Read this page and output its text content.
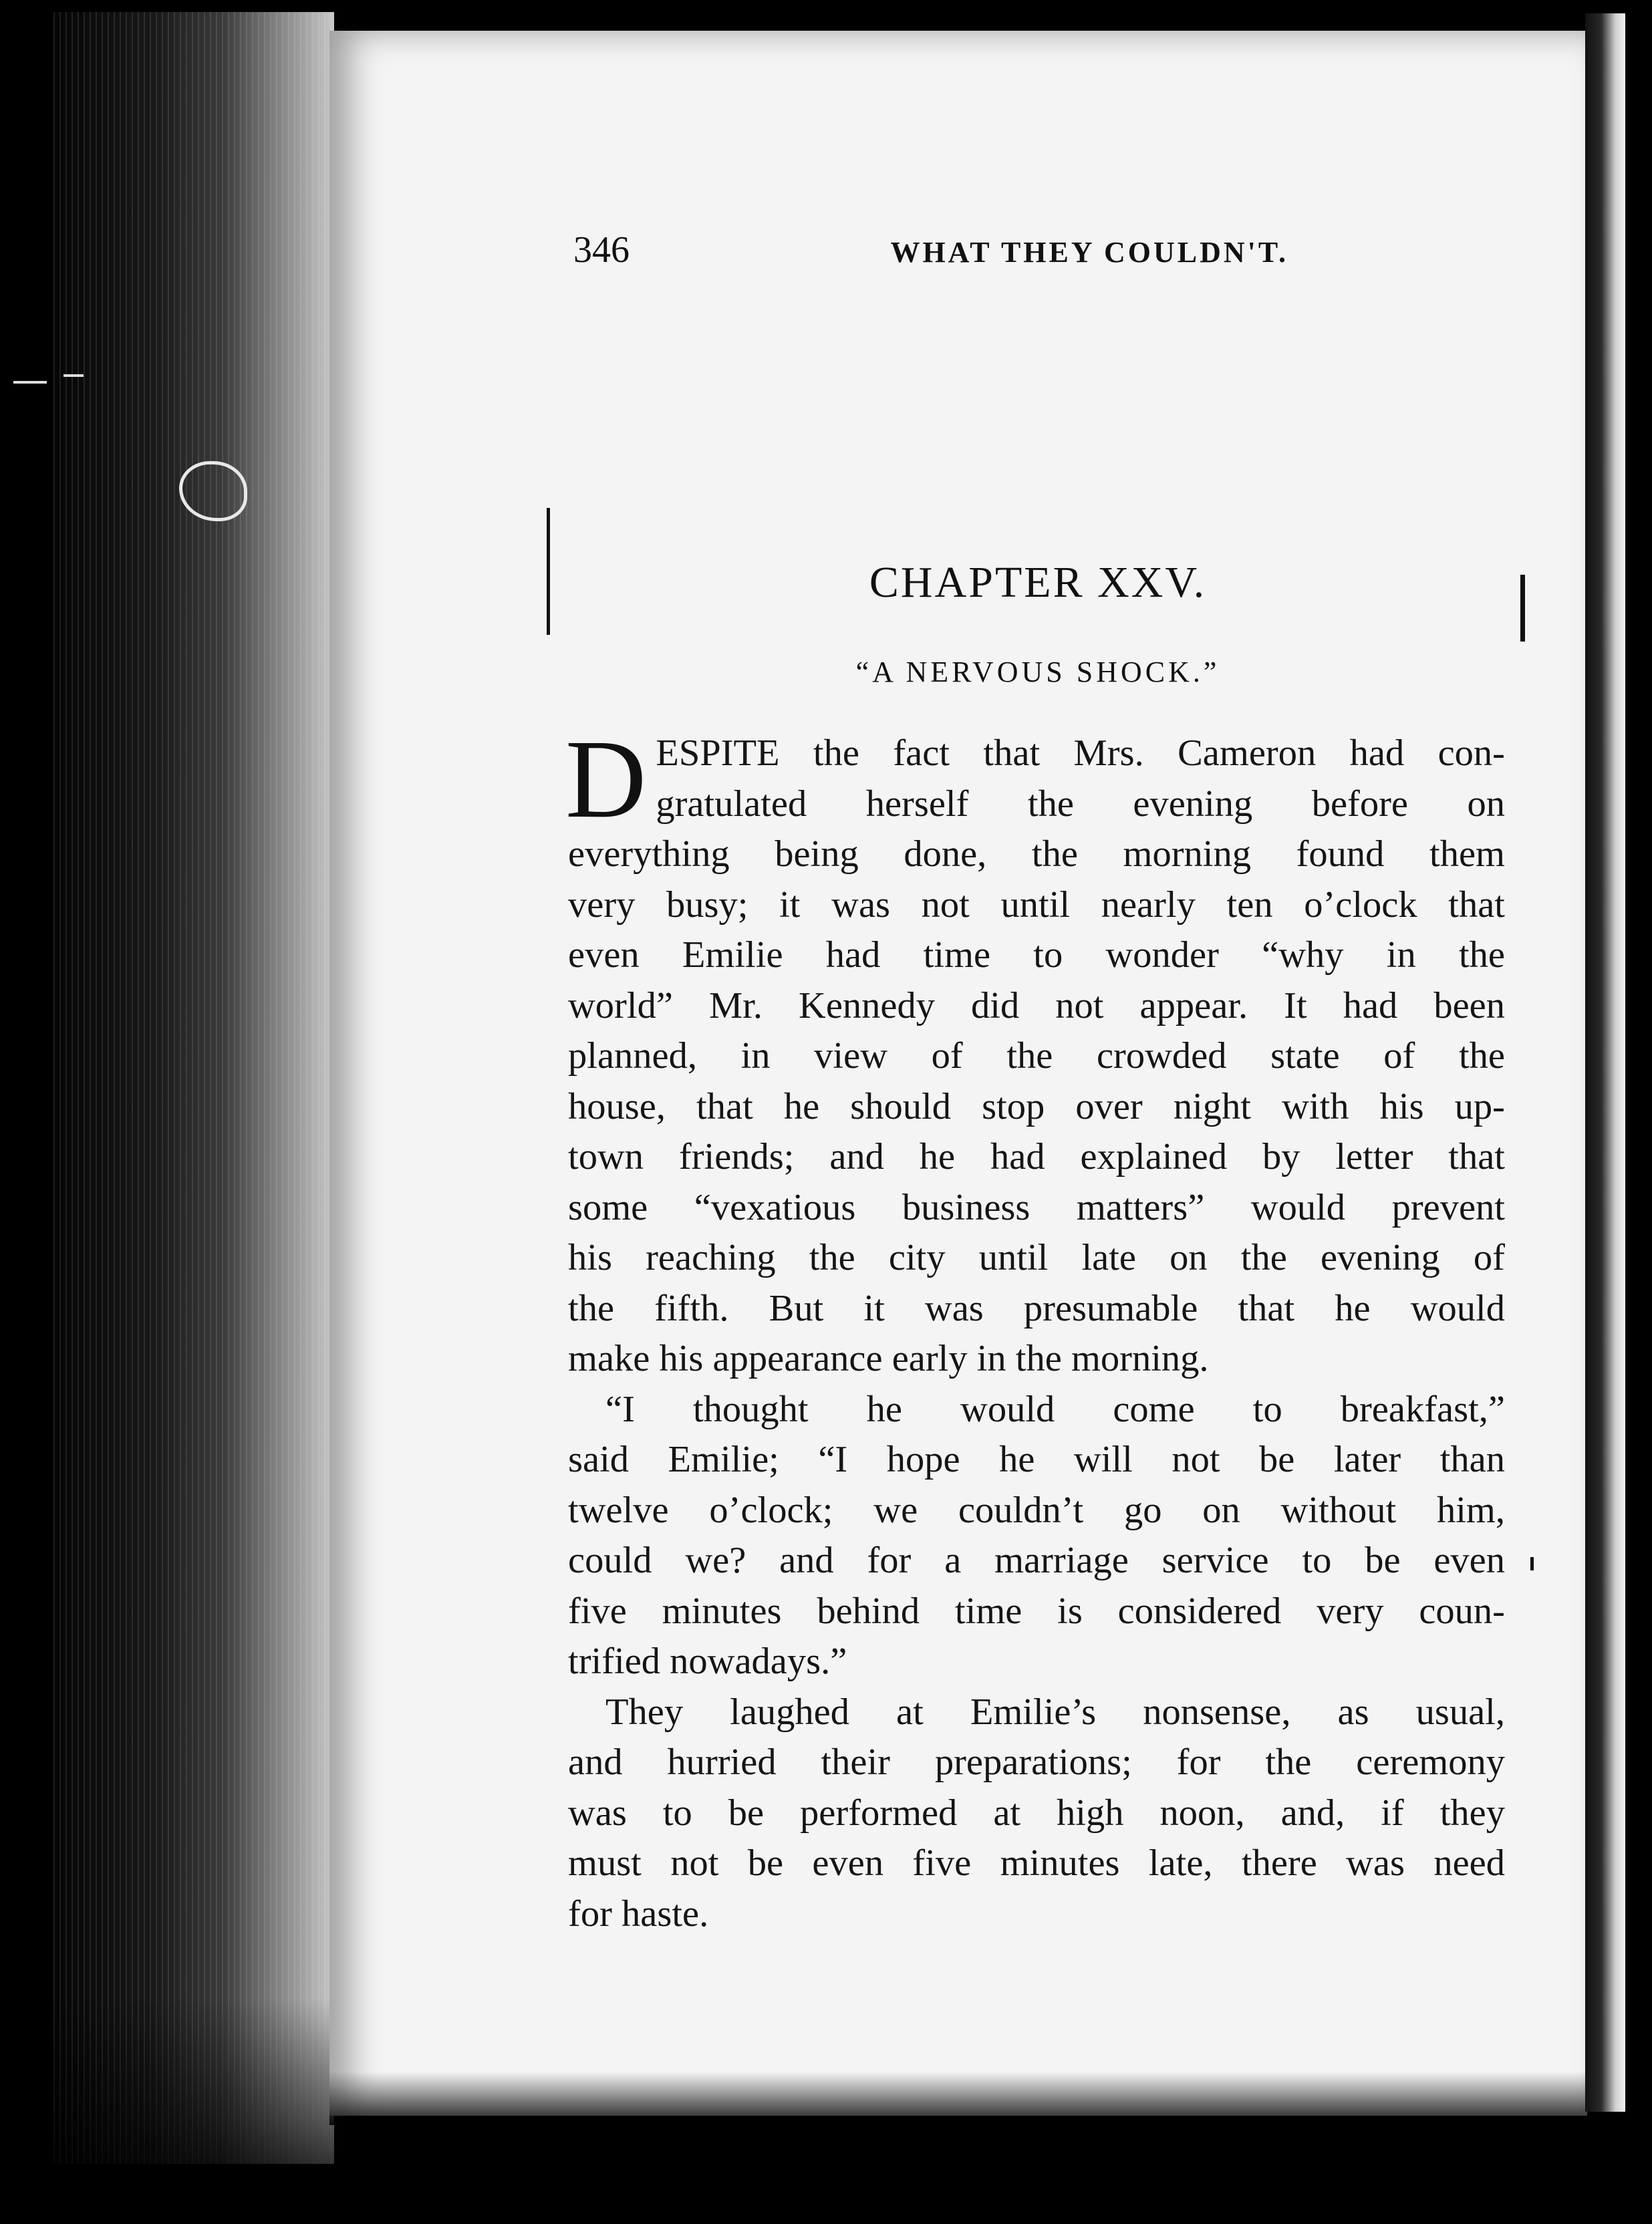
346	WHAT THEY COULDN'T.
CHAPTER XXV.
“A NERVOUS SHOCK.”
D ESPITE the fact that Mrs. Cameron had con-
gratulated herself the evening before on
everything being done, the morning found them
very busy; it was not until nearly ten o’clock that
even Emilie had time to wonder “why in the
world” Mr. Kennedy did not appear. It had been
planned, in view of the crowded state of the
house, that he should stop over night with his up-
town friends; and he had explained by letter that
some “vexatious business matters” would prevent
his reaching the city until late on the evening of
the fifth. But it was presumable that he would
make his appearance early in the morning.
“I thought he would come to breakfast,”
said Emilie; “I hope he will not be later than
twelve o’clock; we couldn’t go on without him,
could we? and for a marriage service to be even
five minutes behind time is considered very coun-
trified nowadays.”
They laughed at Emilie’s nonsense, as usual,
and hurried their preparations; for the ceremony
was to be performed at high noon, and, if they
must not be even five minutes late, there was need
for haste.
